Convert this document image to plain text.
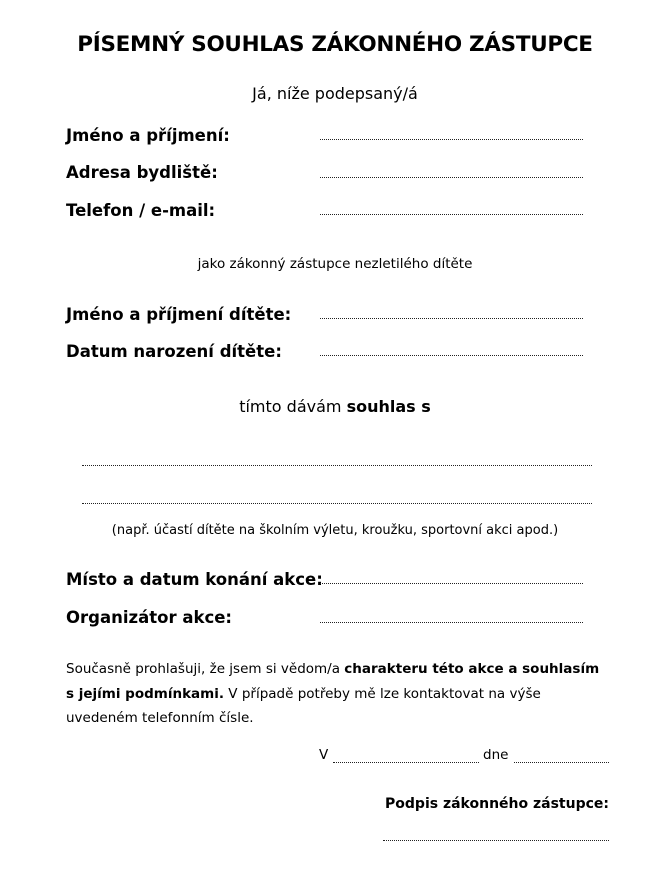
PÍSEMNÝ SOUHLAS ZÁKONNÉHO ZÁSTUPCE
Já, níže podepsaný/á
Jméno a příjmení:
Adresa bydliště:
Telefon / e-mail:
jako zákonný zástupce nezletilého dítěte
Jméno a příjmení dítěte:
Datum narození dítěte:
tímto dávám souhlas s
(např. účastí dítěte na školním výletu, kroužku, sportovní akci apod.)
Místo a datum konání akce:
Organizátor akce:
Současně prohlašuji, že jsem si vědom/a charakteru této akce a souhlasím s jejími podmínkami. V případě potřeby mě lze kontaktovat na výše uvedeném telefonním čísle.
V	dne
Podpis zákonného zástupce:
